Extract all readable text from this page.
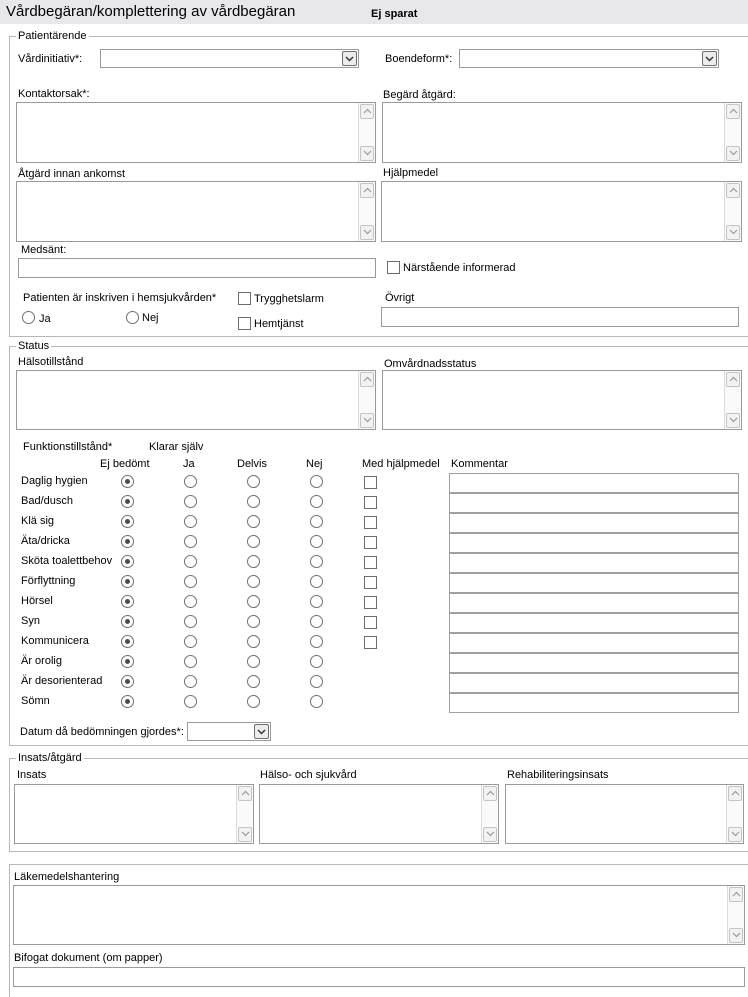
Vårdbegäran/komplettering av vårdbegäran	Ej sparat
Patientärende
Vårdinitiativ*:	Boendeform*:
Kontaktorsak*:	Begärd åtgärd:
Åtgärd innan ankomst	Hjälpmedel
Medsänt:
Närstående informerad
Patienten är inskriven i hemsjukvården*
Ja	Nej
Trygghetslarm
Hemtjänst
Övrigt
Status
Hälsotillstånd	Omvårdnadsstatus
Funktionstillstånd*	Klarar själv
Ej bedömt	Ja	Delvis	Nej	Med hjälpmedel Kommentar
Daglig hygien
Bad/dusch
Klä sig
Äta/dricka
Sköta toalettbehov
Förflyttning
Hörsel
Syn
Kommunicera
Är orolig
Är desorienterad
Sömn
Datum då bedömningen gjordes*:
Insats/åtgärd
Insats	Hälso- och sjukvård	Rehabiliteringsinsats
Läkemedelshantering
Bifogat dokument (om papper)
